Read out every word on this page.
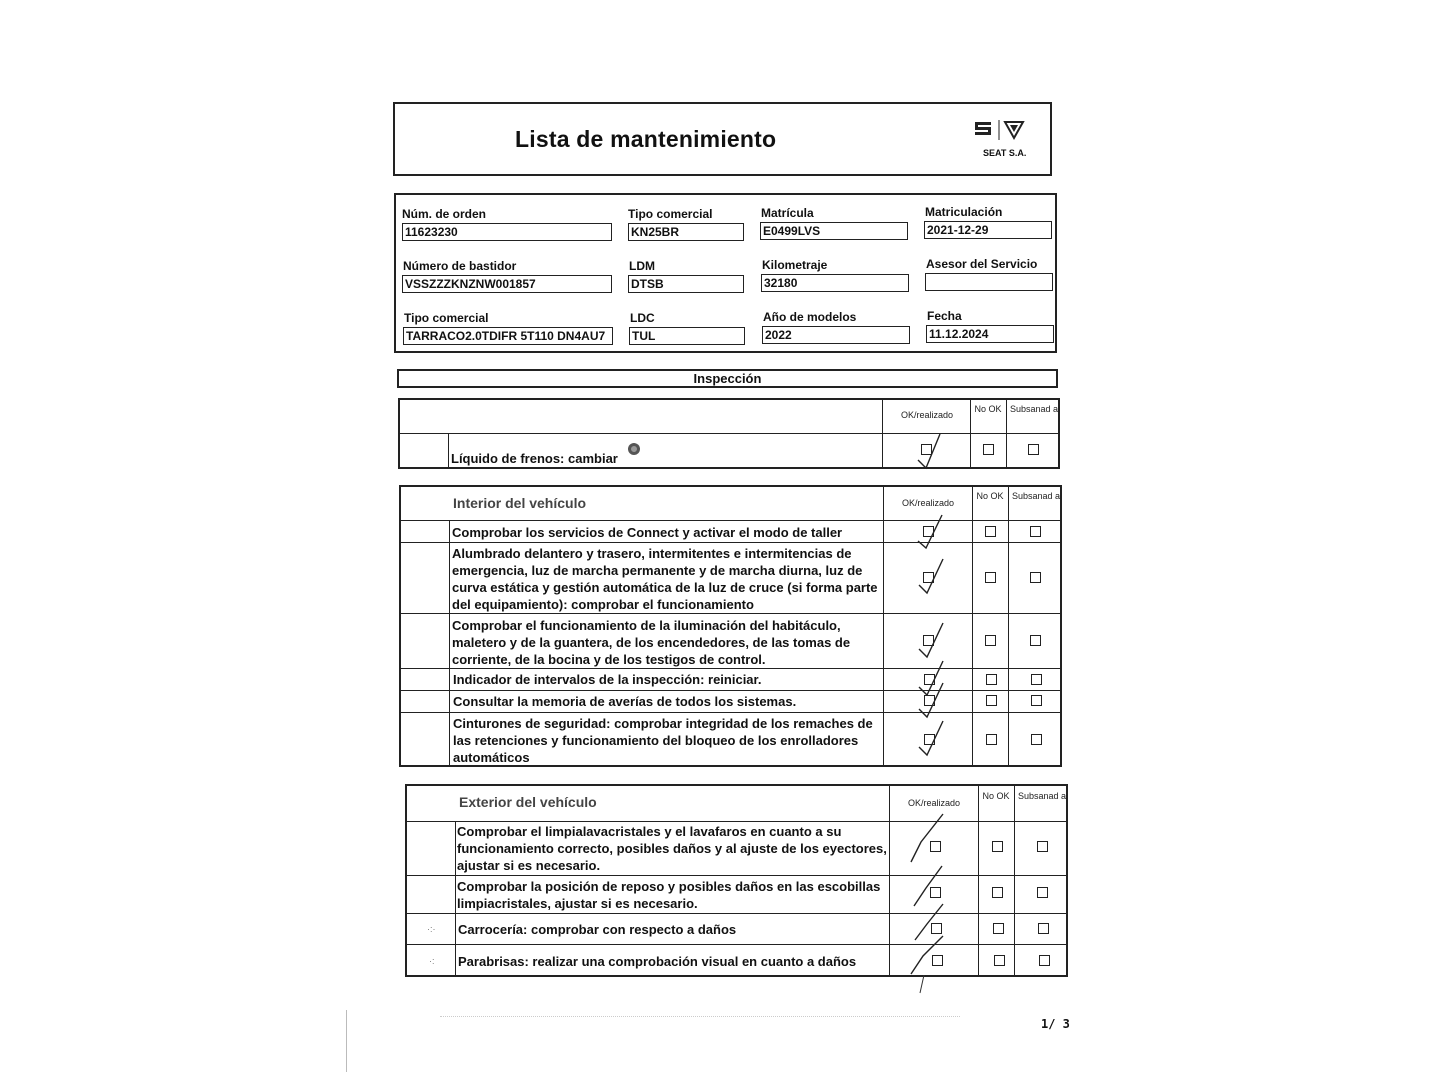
Lista de mantenimiento
SEAT S.A.
Núm. de orden
11623230
Tipo comercial
KN25BR
Matrícula
E0499LVS
Matriculación
2021-12-29
Número de bastidor
VSSZZZKNZNW001857
LDM
DTSB
Kilometraje
32180
Asesor del Servicio
Tipo comercial
TARRACO2.0TDIFR 5T110 DN4AU7
LDC
TUL
Año de modelos
2022
Fecha
11.12.2024
Inspección
OK/realizado
No OK Subsanad a
Líquido de frenos: cambiar
Interior del vehículo	OK/realizado
No OK Subsanad a
Comprobar los servicios de Connect y activar el modo de taller
Alumbrado delantero y trasero, intermitentes e intermitencias de emergencia, luz de marcha permanente y de marcha diurna, luz de curva estática y gestión automática de la luz de cruce (si forma parte del equipamiento): comprobar el funcionamiento
Comprobar el funcionamiento de la iluminación del habitáculo, maletero y de la guantera, de los encendedores, de las tomas de corriente, de la bocina y de los testigos de control.
Indicador de intervalos de la inspección: reiniciar.
Consultar la memoria de averías de todos los sistemas.
Cinturones de seguridad: comprobar integridad de los remaches de las retenciones y funcionamiento del bloqueo de los enrolladores automáticos
Exterior del vehículo	OK/realizado
No OK Subsanad a
Comprobar el limpialavacristales y el lavafaros en cuanto a su funcionamiento correcto, posibles daños y al ajuste de los eyectores, ajustar si es necesario.
Comprobar la posición de reposo y posibles daños en las escobillas limpiacristales, ajustar si es necesario.
·:· Carrocería: comprobar con respecto a daños
·: Parabrisas: realizar una comprobación visual en cuanto a daños
1/ 3
